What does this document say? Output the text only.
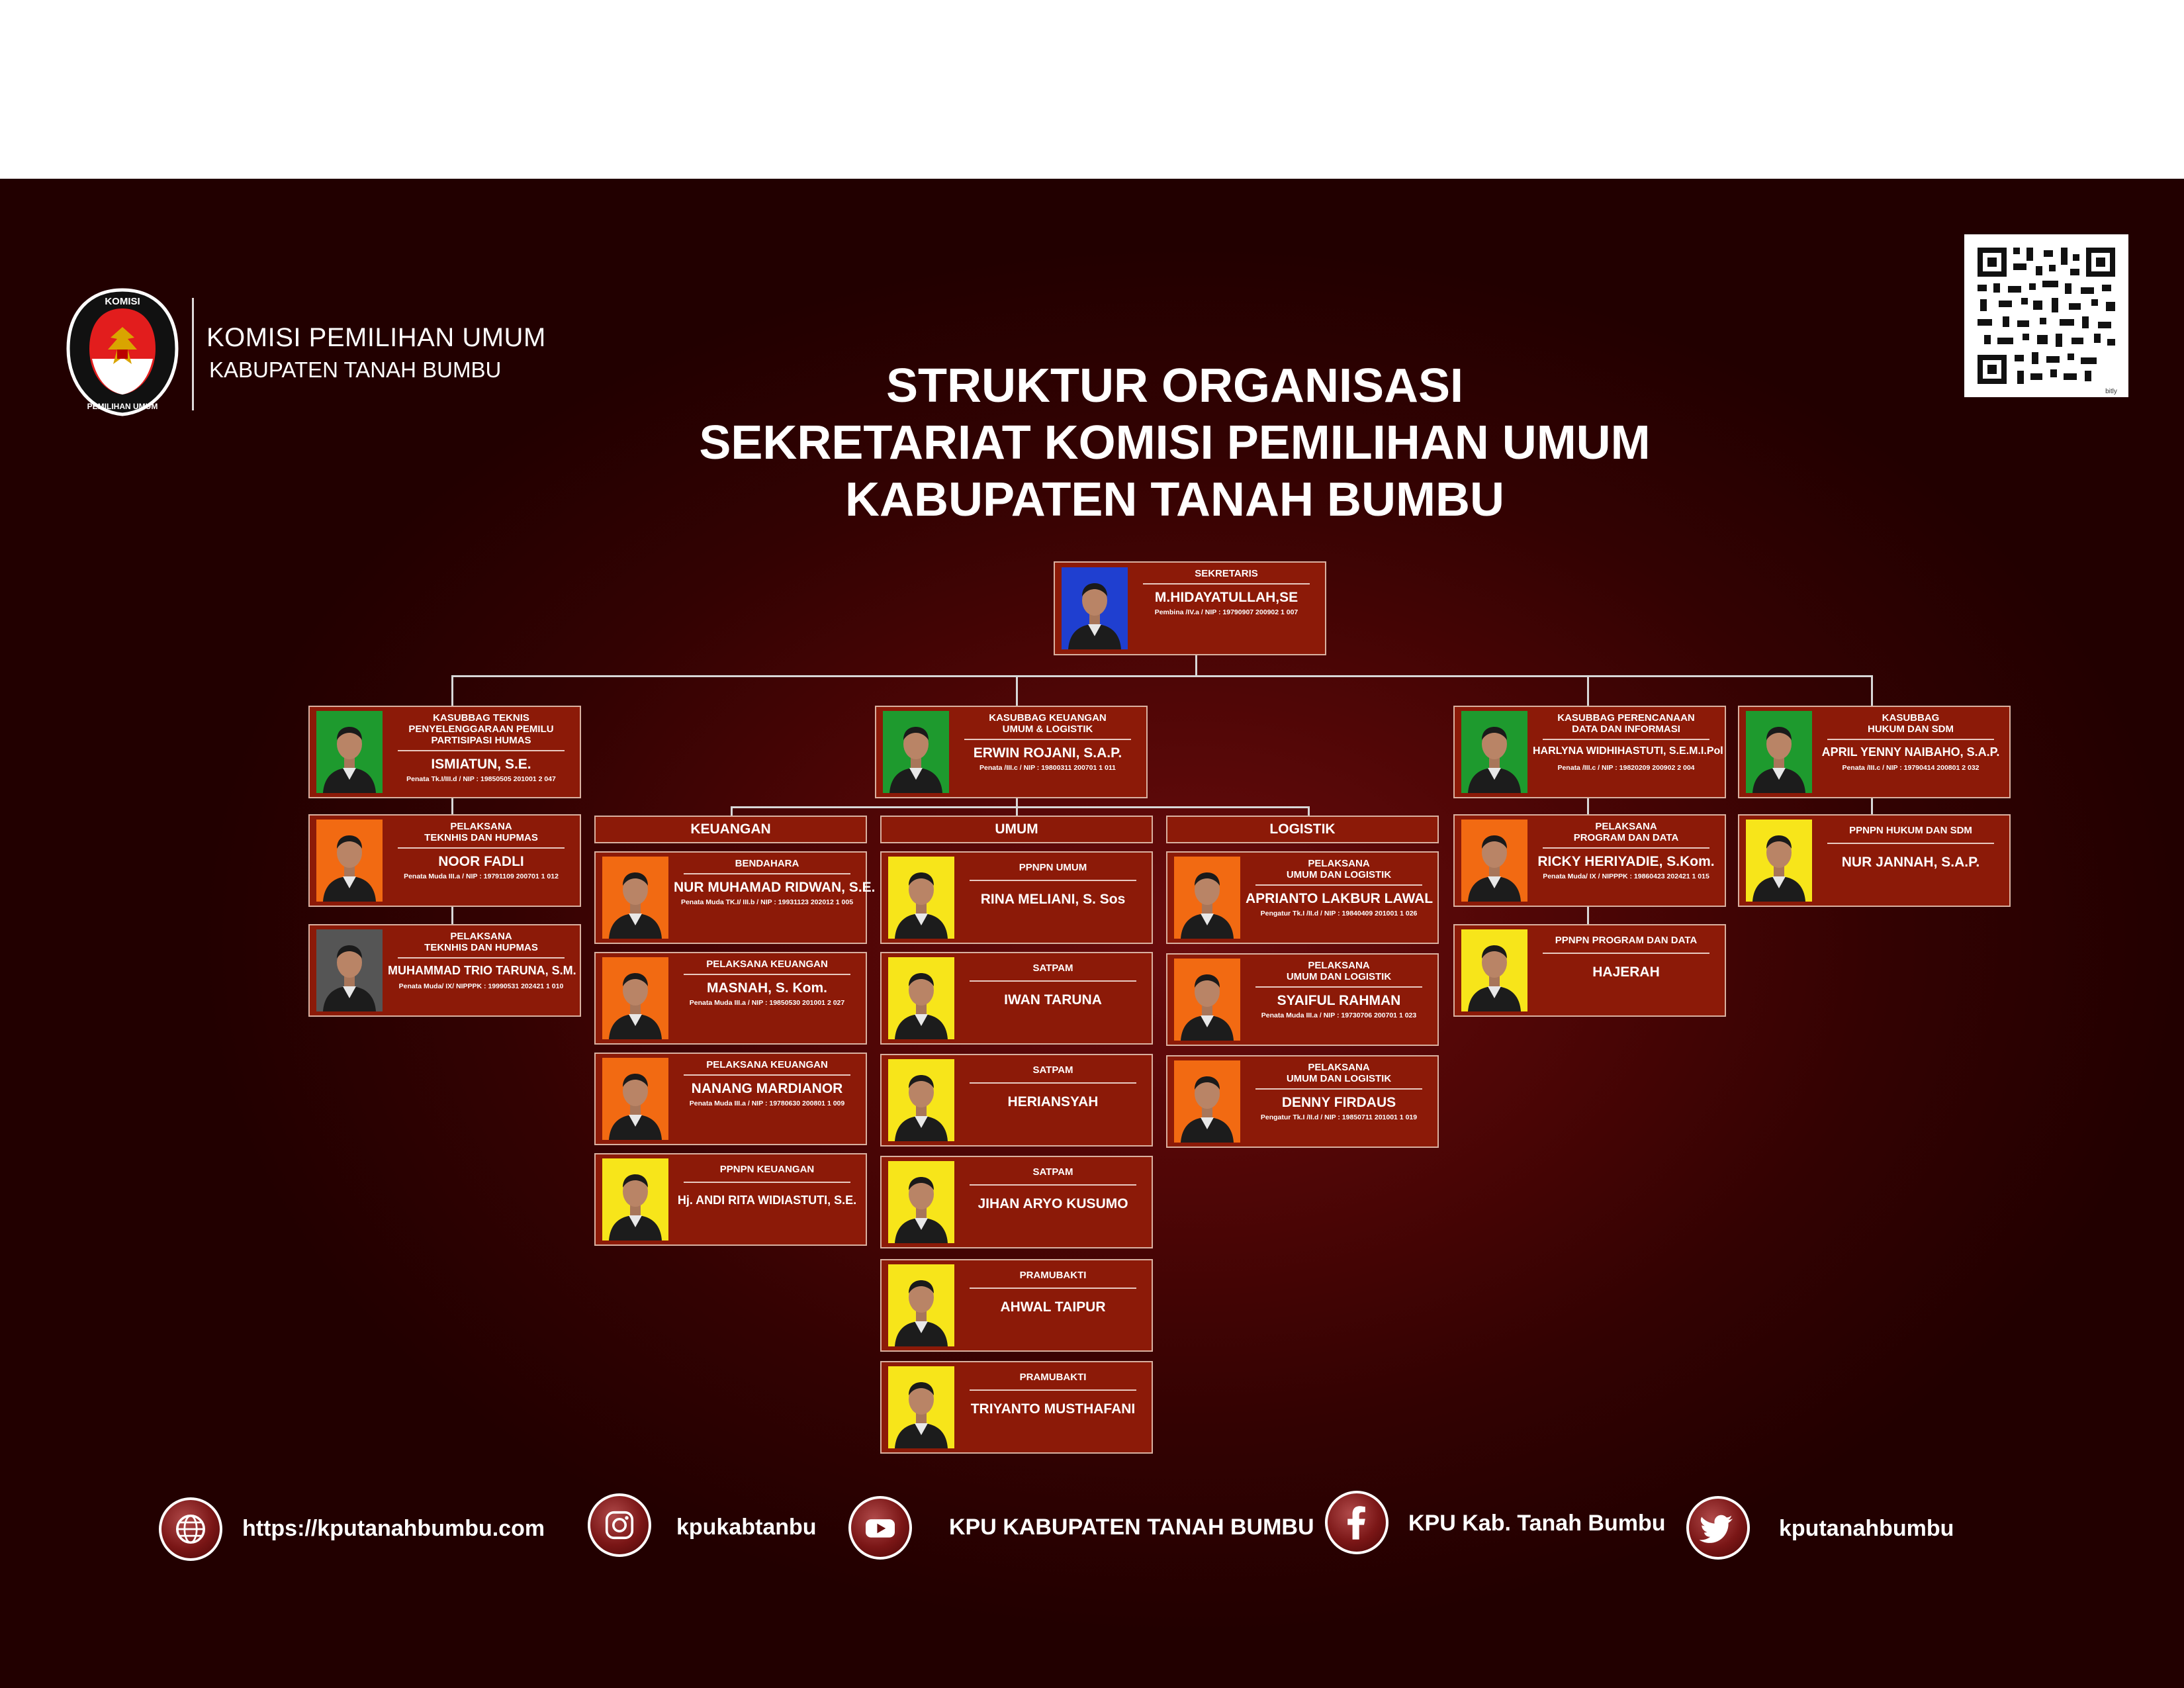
KOMISI
PEMILIHAN UMUM
KOMISI PEMILIHAN UMUM
KABUPATEN TANAH BUMBU
bitly
STRUKTUR ORGANISASI
SEKRETARIAT KOMISI PEMILIHAN UMUM
KABUPATEN TANAH BUMBU
KEUANGAN	UMUM	LOGISTIK
SEKRETARIS
M.HIDAYATULLAH,SE
Pembina /IV.a / NIP : 19790907 200902 1 007
KASUBBAG TEKNIS
PENYELENGGARAAN PEMILU
PARTISIPASI HUMAS
ISMIATUN, S.E.
Penata Tk.I/III.d / NIP : 19850505 201001 2 047
KASUBBAG KEUANGAN
UMUM & LOGISTIK
ERWIN ROJANI, S.A.P.
Penata /III.c / NIP : 19800311 200701 1 011
KASUBBAG PERENCANAAN
DATA DAN INFORMASI
HARLYNA WIDHIHASTUTI, S.E.M.I.Pol
Penata /III.c / NIP : 19820209 200902 2 004
KASUBBAG
HUKUM DAN SDM
APRIL YENNY NAIBAHO, S.A.P.
Penata /III.c / NIP : 19790414 200801 2 032
PELAKSANA
TEKNHIS DAN HUPMAS
NOOR FADLI
Penata Muda III.a / NIP : 19791109 200701 1 012
PELAKSANA
TEKNHIS DAN HUPMAS
MUHAMMAD TRIO TARUNA, S.M.
Penata Muda/ IX/ NIPPPK : 19990531 202421 1 010
BENDAHARA
NUR MUHAMAD RIDWAN, S.E.
Penata Muda TK.I/ III.b / NIP : 19931123 202012 1 005
PELAKSANA KEUANGAN
MASNAH, S. Kom.
Penata Muda III.a / NIP : 19850530 201001 2 027
PELAKSANA KEUANGAN
NANANG MARDIANOR
Penata Muda III.a / NIP : 19780630 200801 1 009
PPNPN KEUANGAN
Hj. ANDI RITA WIDIASTUTI, S.E.
PPNPN UMUM
RINA MELIANI, S. Sos
SATPAM
IWAN TARUNA
SATPAM
HERIANSYAH
SATPAM
JIHAN ARYO KUSUMO
PRAMUBAKTI
AHWAL TAIPUR
PRAMUBAKTI
TRIYANTO MUSTHAFANI
PELAKSANA
UMUM DAN LOGISTIK
APRIANTO LAKBUR LAWAL
Pengatur Tk.I /II.d / NIP : 19840409 201001 1 026
PELAKSANA
UMUM DAN LOGISTIK
SYAIFUL RAHMAN
Penata Muda III.a / NIP : 19730706 200701 1 023
PELAKSANA
UMUM DAN LOGISTIK
DENNY FIRDAUS
Pengatur Tk.I /II.d / NIP : 19850711 201001 1 019
PELAKSANA
PROGRAM DAN DATA
RICKY HERIYADIE, S.Kom.
Penata Muda/ IX / NIPPPK : 19860423 202421 1 015
PPNPN PROGRAM DAN DATA
HAJERAH
PPNPN HUKUM DAN SDM
NUR JANNAH, S.A.P.
https://kputanahbumbu.com	kpukabtanbu	KPU KABUPATEN TANAH BUMBU	KPU Kab. Tanah Bumbu	kputanahbumbu
